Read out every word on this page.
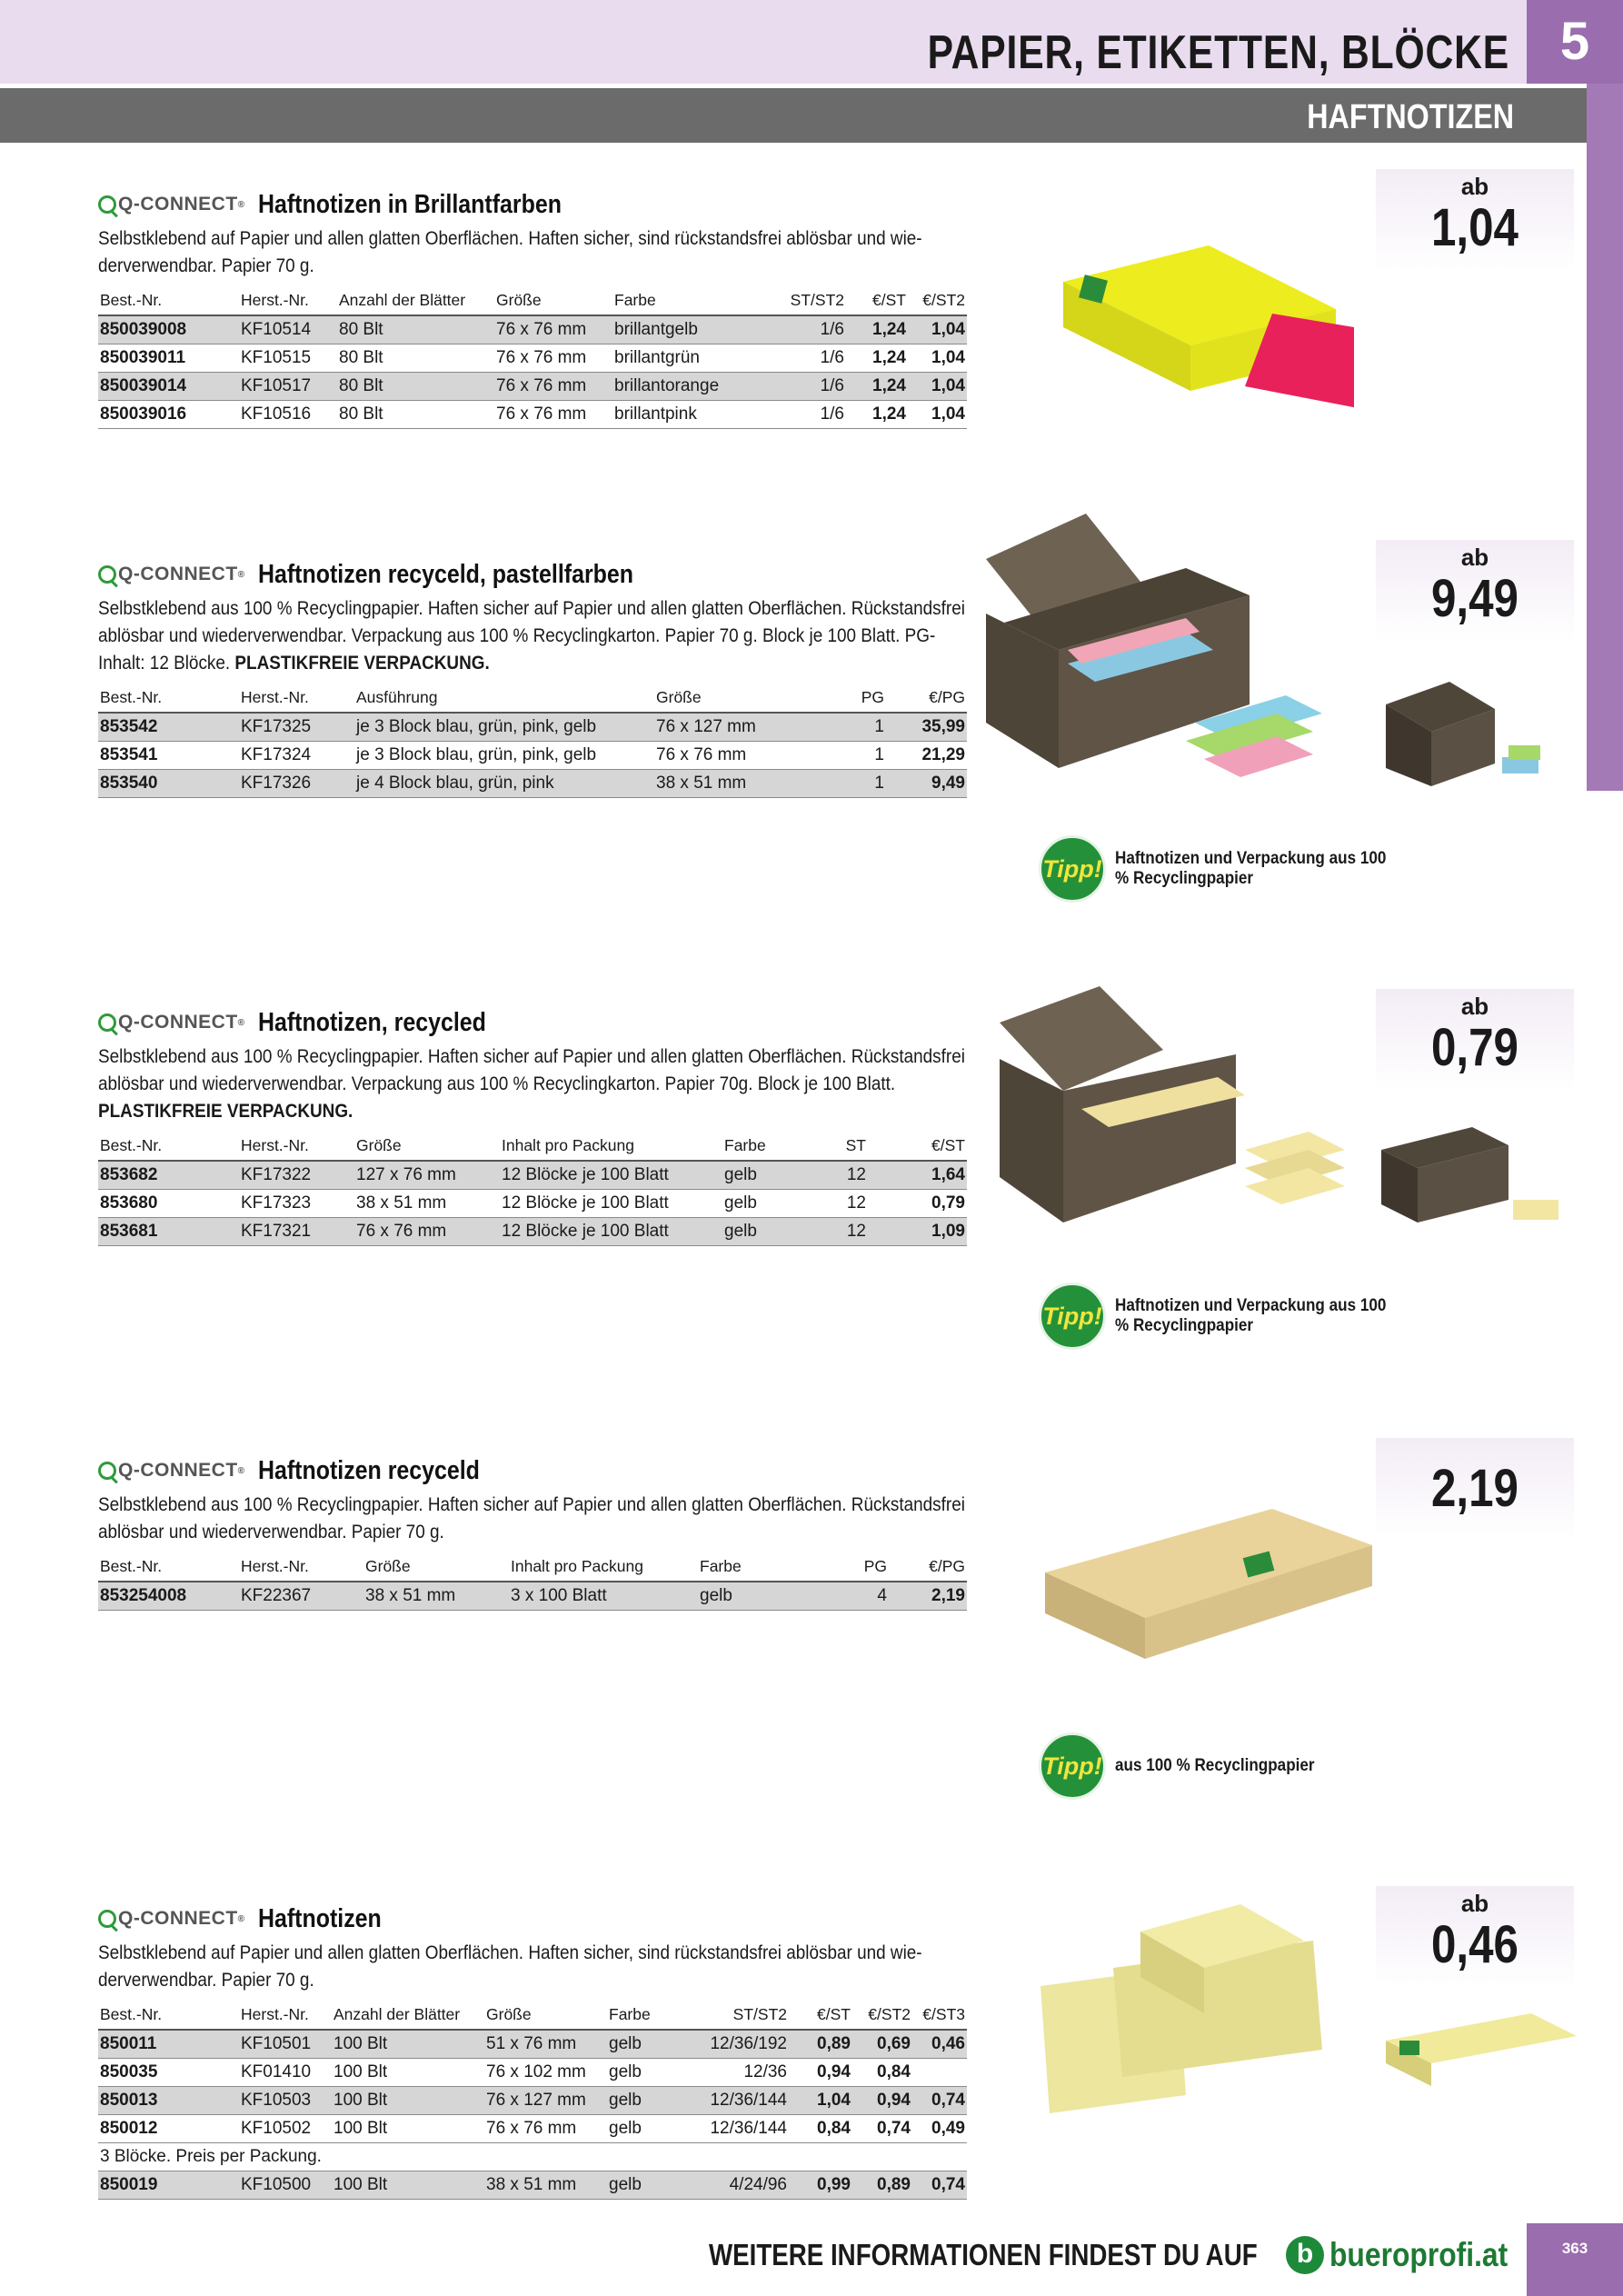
PAPIER, ETIKETTEN, BLÖCKE 5
HAFTNOTIZEN
Q- CONNECT ® Haftnotizen in Brillantfarben
Selbstklebend auf Papier und allen glatten Oberflächen. Haften sicher, sind rückstandsfrei ablösbar und wie- derverwendbar. Papier 70 g.
Best.-Nr.	Herst.-Nr.	Anzahl der Blätter	Größe	Farbe	ST/ST2	€/ST	€/ST2
850039008	KF10514	80 Blt	76 x 76 mm	brillantgelb	1/6	1,24	1,04
850039011	KF10515	80 Blt	76 x 76 mm	brillantgrün	1/6	1,24	1,04
850039014	KF10517	80 Blt	76 x 76 mm	brillantorange	1/6	1,24	1,04
850039016	KF10516	80 Blt	76 x 76 mm	brillantpink	1/6	1,24	1,04
ab
1,04
Q- CONNECT ® Haftnotizen recyceld, pastellfarben
Selbstklebend aus 100 % Recyclingpapier. Haften sicher auf Papier und allen glatten Oberflächen. Rückstandsfrei ablösbar und wiederverwendbar. Verpackung aus 100 % Recyclingkarton. Papier 70 g. Block je 100 Blatt. PG-Inhalt: 12 Blöcke. PLASTIKFREIE VERPACKUNG.
Best.-Nr.	Herst.-Nr.	Ausführung	Größe	PG	€/PG
853542	KF17325	je 3 Block blau, grün, pink, gelb	76 x 127 mm	1	35,99
853541	KF17324	je 3 Block blau, grün, pink, gelb	76 x 76 mm	1	21,29
853540	KF17326	je 4 Block blau, grün, pink	38 x 51 mm	1	9,49
ab
9,49
Tipp! Haftnotizen und Verpackung aus 100 % Recyclingpapier
Q- CONNECT ® Haftnotizen, recycled
Selbstklebend aus 100 % Recyclingpapier. Haften sicher auf Papier und allen glatten Oberflächen. Rückstandsfrei ablösbar und wiederverwendbar. Verpackung aus 100 % Recyclingkarton. Papier 70g. Block je 100 Blatt. PLASTIKFREIE VERPACKUNG.
Best.-Nr.	Herst.-Nr.	Größe	Inhalt pro Packung	Farbe	ST	€/ST
853682	KF17322	127 x 76 mm	12 Blöcke je 100 Blatt	gelb	12	1,64
853680	KF17323	38 x 51 mm	12 Blöcke je 100 Blatt	gelb	12	0,79
853681	KF17321	76 x 76 mm	12 Blöcke je 100 Blatt	gelb	12	1,09
ab
0,79
Tipp! Haftnotizen und Verpackung aus 100 % Recyclingpapier
Q- CONNECT ® Haftnotizen recyceld
Selbstklebend aus 100 % Recyclingpapier. Haften sicher auf Papier und allen glatten Oberflächen. Rückstandsfrei ablösbar und wiederverwendbar. Papier 70 g.
Best.-Nr.	Herst.-Nr.	Größe	Inhalt pro Packung	Farbe	PG	€/PG
853254008	KF22367	38 x 51 mm	3 x 100 Blatt	gelb	4	2,19
2,19
Tipp! aus 100 % Recyclingpapier
Q- CONNECT ® Haftnotizen
Selbstklebend auf Papier und allen glatten Oberflächen. Haften sicher, sind rückstandsfrei ablösbar und wie- derverwendbar. Papier 70 g.
Best.-Nr.	Herst.-Nr.	Anzahl der Blätter	Größe	Farbe	ST/ST2	€/ST	€/ST2	€/ST3
850011	KF10501	100 Blt	51 x 76 mm	gelb	12/36/192	0,89	0,69	0,46
850035	KF01410	100 Blt	76 x 102 mm	gelb	12/36	0,94	0,84	
850013	KF10503	100 Blt	76 x 127 mm	gelb	12/36/144	1,04	0,94	0,74
850012	KF10502	100 Blt	76 x 76 mm	gelb	12/36/144	0,84	0,74	0,49
3 Blöcke. Preis per Packung.								
850019	KF10500	100 Blt	38 x 51 mm	gelb	4/24/96	0,99	0,89	0,74
ab
0,46
WEITERE INFORMATIONEN FINDEST DU AUF	b bueroprofi.at	363
